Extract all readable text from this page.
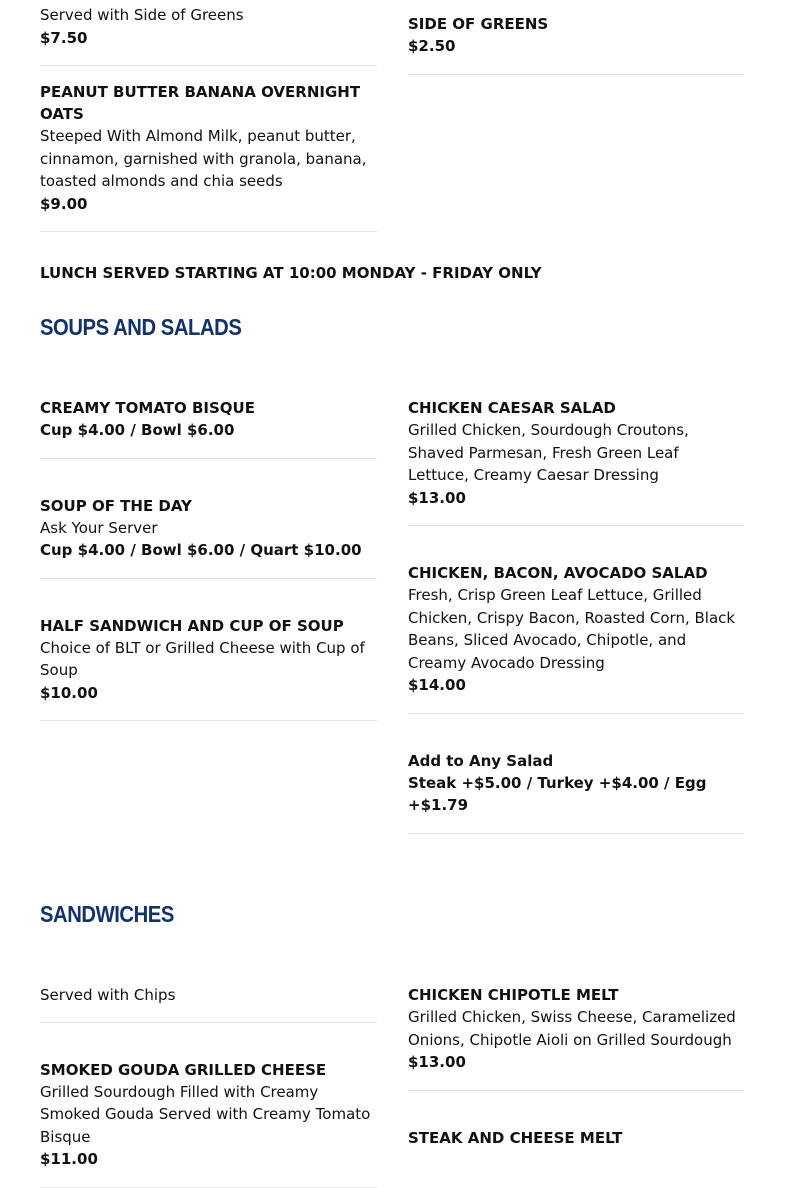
Served with Side of Greens
$7.50
PEANUT BUTTER BANANA OVERNIGHT OATS
Steeped With Almond Milk, peanut butter, cinnamon, garnished with granola, banana, toasted almonds and chia seeds
$9.00
SIDE OF GREENS
$2.50
LUNCH SERVED STARTING AT 10:00 MONDAY - FRIDAY ONLY
SOUPS AND SALADS
CREAMY TOMATO BISQUE
Cup $4.00 / Bowl $6.00
SOUP OF THE DAY
Ask Your Server
Cup $4.00 / Bowl $6.00 / Quart $10.00
HALF SANDWICH AND CUP OF SOUP
Choice of BLT or Grilled Cheese with Cup of Soup
$10.00
CHICKEN CAESAR SALAD
Grilled Chicken, Sourdough Croutons, Shaved Parmesan, Fresh Green Leaf Lettuce, Creamy Caesar Dressing
$13.00
CHICKEN, BACON, AVOCADO SALAD
Fresh, Crisp Green Leaf Lettuce, Grilled Chicken, Crispy Bacon, Roasted Corn, Black Beans, Sliced Avocado, Chipotle, and Creamy Avocado Dressing
$14.00
Add to Any Salad
Steak +$5.00 / Turkey +$4.00 / Egg +$1.79
SANDWICHES
Served with Chips
SMOKED GOUDA GRILLED CHEESE
Grilled Sourdough Filled with Creamy Smoked Gouda Served with Creamy Tomato Bisque
$11.00
CHICKEN CHIPOTLE MELT
Grilled Chicken, Swiss Cheese, Caramelized Onions, Chipotle Aioli on Grilled Sourdough
$13.00
STEAK AND CHEESE MELT
